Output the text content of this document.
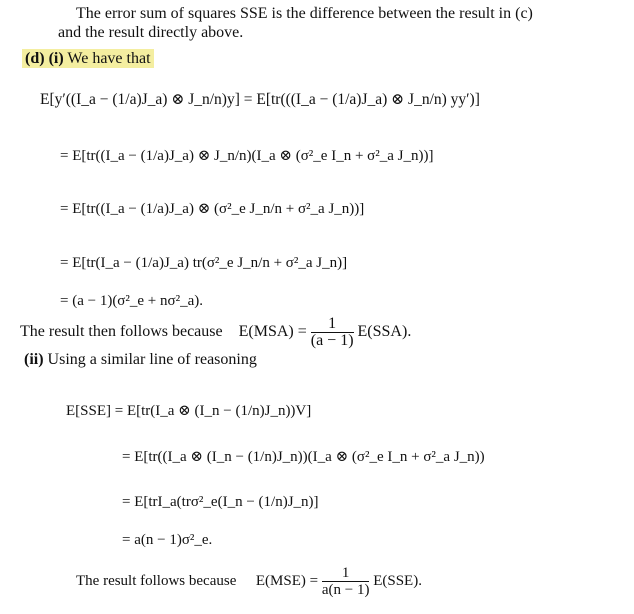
The error sum of squares SSE is the difference between the result in (c)
and the result directly above.
(d) (i) We have that
E[y′((I_a − (1/a)J_a) ⊗ J_n/n)y] = E[tr(((I_a − (1/a)J_a) ⊗ J_n/n) yy′)]
= E[tr((I_a − (1/a)J_a) ⊗ J_n/n)(I_a ⊗ (σ²_e I_n + σ²_a J_n))]
= E[tr((I_a − (1/a)J_a) ⊗ (σ²_e J_n/n + σ²_a J_n))]
= E[tr(I_a − (1/a)J_a) tr(σ²_e J_n/n + σ²_a J_n)]
= (a − 1)(σ²_e + nσ²_a).
The result then follows because $E(MSA) = \frac{1}{(a - 1)} E(SSA)$.
(ii) Using a similar line of reasoning
E[SSE] = E[tr(I_a ⊗ (I_n − (1/n)J_n))V]
= E[tr((I_a ⊗ (I_n − (1/n)J_n))(I_a ⊗ (σ²_e I_n + σ²_a J_n))
= E[trI_a(trσ²_e(I_n − (1/n)J_n)]
= a(n − 1)σ²_e.
The result follows because $E(MSE) = \frac{1}{a(n - 1)} E(SSE)$.
